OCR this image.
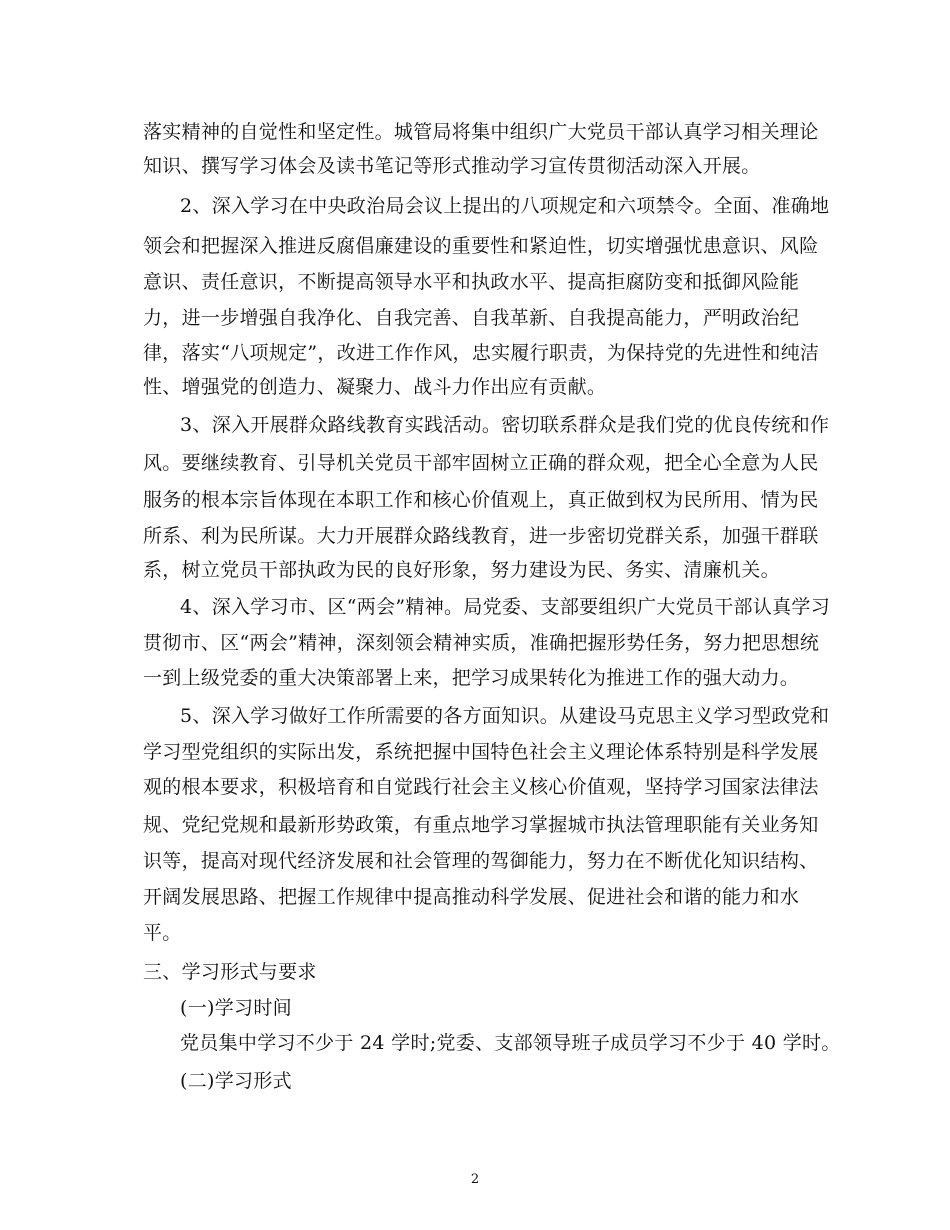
落实精神的自觉性和坚定性。城管局将集中组织广大党员干部认真学习相关理论
知识、撰写学习体会及读书笔记等形式推动学习宣传贯彻活动深入开展。
2、深入学习在中央政治局会议上提出的八项规定和六项禁令。全面、准确地
领会和把握深入推进反腐倡廉建设的重要性和紧迫性，切实增强忧患意识、风险
意识、责任意识，不断提高领导水平和执政水平、提高拒腐防变和抵御风险能
力，进一步增强自我净化、自我完善、自我革新、自我提高能力，严明政治纪
律，落实“八项规定”，改进工作作风，忠实履行职责，为保持党的先进性和纯洁
性、增强党的创造力、凝聚力、战斗力作出应有贡献。
3、深入开展群众路线教育实践活动。密切联系群众是我们党的优良传统和作
风。要继续教育、引导机关党员干部牢固树立正确的群众观，把全心全意为人民
服务的根本宗旨体现在本职工作和核心价值观上，真正做到权为民所用、情为民
所系、利为民所谋。大力开展群众路线教育，进一步密切党群关系，加强干群联
系，树立党员干部执政为民的良好形象，努力建设为民、务实、清廉机关。
4、深入学习市、区“两会”精神。局党委、支部要组织广大党员干部认真学习
贯彻市、区“两会”精神，深刻领会精神实质，准确把握形势任务，努力把思想统
一到上级党委的重大决策部署上来，把学习成果转化为推进工作的强大动力。
5、深入学习做好工作所需要的各方面知识。从建设马克思主义学习型政党和
学习型党组织的实际出发，系统把握中国特色社会主义理论体系特别是科学发展
观的根本要求，积极培育和自觉践行社会主义核心价值观，坚持学习国家法律法
规、党纪党规和最新形势政策，有重点地学习掌握城市执法管理职能有关业务知
识等，提高对现代经济发展和社会管理的驾御能力，努力在不断优化知识结构、
开阔发展思路、把握工作规律中提高推动科学发展、促进社会和谐的能力和水
平。
三、学习形式与要求
(一)学习时间
党员集中学习不少于 24 学时;党委、支部领导班子成员学习不少于 40 学时。
(二)学习形式
2
